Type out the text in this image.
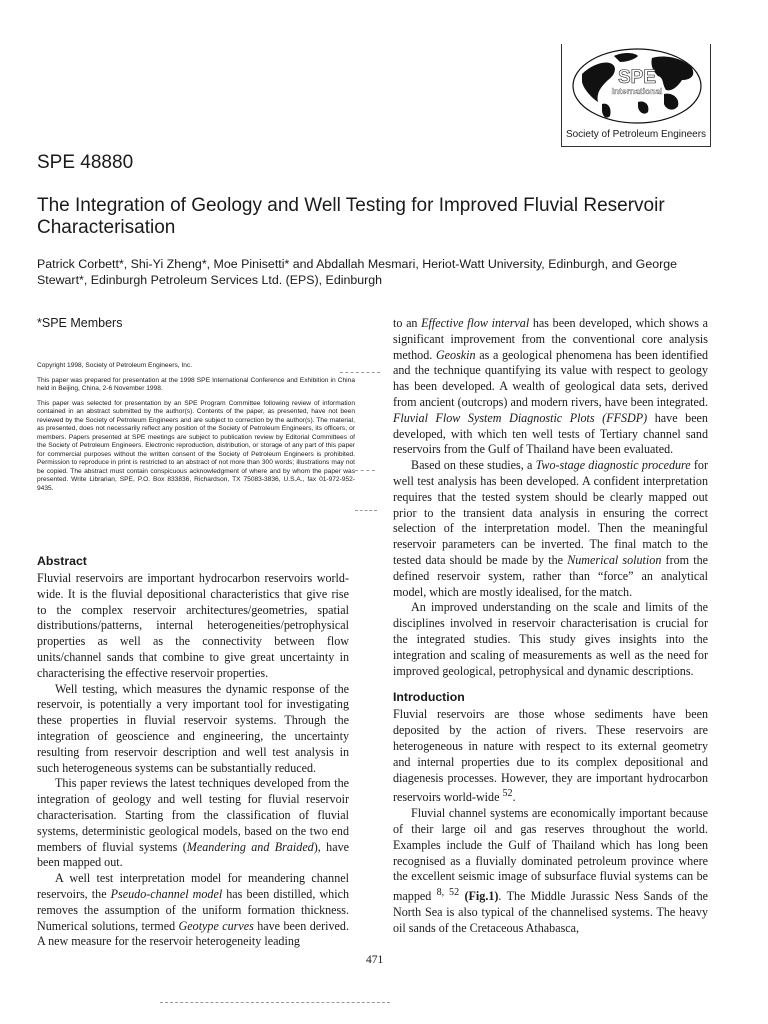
SPE
International
Society of Petroleum Engineers
SPE 48880
The Integration of Geology and Well Testing for Improved Fluvial Reservoir Characterisation
Patrick Corbett*, Shi-Yi Zheng*, Moe Pinisetti* and Abdallah Mesmari, Heriot-Watt University, Edinburgh, and George Stewart*, Edinburgh Petroleum Services Ltd. (EPS), Edinburgh
*SPE Members

Copyright 1998, Society of Petroleum Engineers, Inc.

This paper was prepared for presentation at the 1998 SPE International Conference and Exhibition in China held in Beijing, China, 2-6 November 1998.

This paper was selected for presentation by an SPE Program Committee following review of information contained in an abstract submitted by the author(s). Contents of the paper, as presented, have not been reviewed by the Society of Petroleum Engineers and are subject to correction by the author(s). The material, as presented, does not necessarily reflect any position of the Society of Petroleum Engineers, its officers, or members. Papers presented at SPE meetings are subject to publication review by Editorial Committees of the Society of Petroleum Engineers. Electronic reproduction, distribution, or storage of any part of this paper for commercial purposes without the written consent of the Society of Petroleum Engineers is prohibited. Permission to reproduce in print is restricted to an abstract of not more than 300 words; illustrations may not be copied. The abstract must contain conspicuous acknowledgment of where and by whom the paper was presented. Write Librarian, SPE, P.O. Box 833836, Richardson, TX 75083-3836, U.S.A., fax 01-972-952-9435.

Abstract

Fluvial reservoirs are important hydrocarbon reservoirs world-wide. It is the fluvial depositional characteristics that give rise to the complex reservoir architectures/geometries, spatial distributions/patterns, internal heterogeneities/petrophysical properties as well as the connectivity between flow units/channel sands that combine to give great uncertainty in characterising the effective reservoir properties.

Well testing, which measures the dynamic response of the reservoir, is potentially a very important tool for investigating these properties in fluvial reservoir systems. Through the integration of geoscience and engineering, the uncertainty resulting from reservoir description and well test analysis in such heterogeneous systems can be substantially reduced.

This paper reviews the latest techniques developed from the integration of geology and well testing for fluvial reservoir characterisation. Starting from the classification of fluvial systems, deterministic geological models, based on the two end members of fluvial systems (Meandering and Braided), have been mapped out.

A well test interpretation model for meandering channel reservoirs, the Pseudo-channel model has been distilled, which removes the assumption of the uniform formation thickness. Numerical solutions, termed Geotype curves have been derived. A new measure for the reservoir heterogeneity leading

to an Effective flow interval has been developed, which shows a significant improvement from the conventional core analysis method. Geoskin as a geological phenomena has been identified and the technique quantifying its value with respect to geology has been developed. A wealth of geological data sets, derived from ancient (outcrops) and modern rivers, have been integrated. Fluvial Flow System Diagnostic Plots (FFSDP) have been developed, with which ten well tests of Tertiary channel sand reservoirs from the Gulf of Thailand have been evaluated.

Based on these studies, a Two-stage diagnostic procedure for well test analysis has been developed. A confident interpretation requires that the tested system should be clearly mapped out prior to the transient data analysis in ensuring the correct selection of the interpretation model. Then the meaningful reservoir parameters can be inverted. The final match to the tested data should be made by the Numerical solution from the defined reservoir system, rather than “force” an analytical model, which are mostly idealised, for the match.

An improved understanding on the scale and limits of the disciplines involved in reservoir characterisation is crucial for the integrated studies. This study gives insights into the integration and scaling of measurements as well as the need for improved geological, petrophysical and dynamic descriptions.

Introduction

Fluvial reservoirs are those whose sediments have been deposited by the action of rivers. These reservoirs are heterogeneous in nature with respect to its external geometry and internal properties due to its complex depositional and diagenesis processes. However, they are important hydrocarbon reservoirs world-wide $^{52}$.

Fluvial channel systems are economically important because of their large oil and gas reserves throughout the world. Examples include the Gulf of Thailand which has long been recognised as a fluvially dominated petroleum province where the excellent seismic image of subsurface fluvial systems can be mapped $^{8, 52}$ (Fig.1). The Middle Jurassic Ness Sands of the North Sea is also typical of the channelised systems. The heavy oil sands of the Cretaceous Athabasca,

471
